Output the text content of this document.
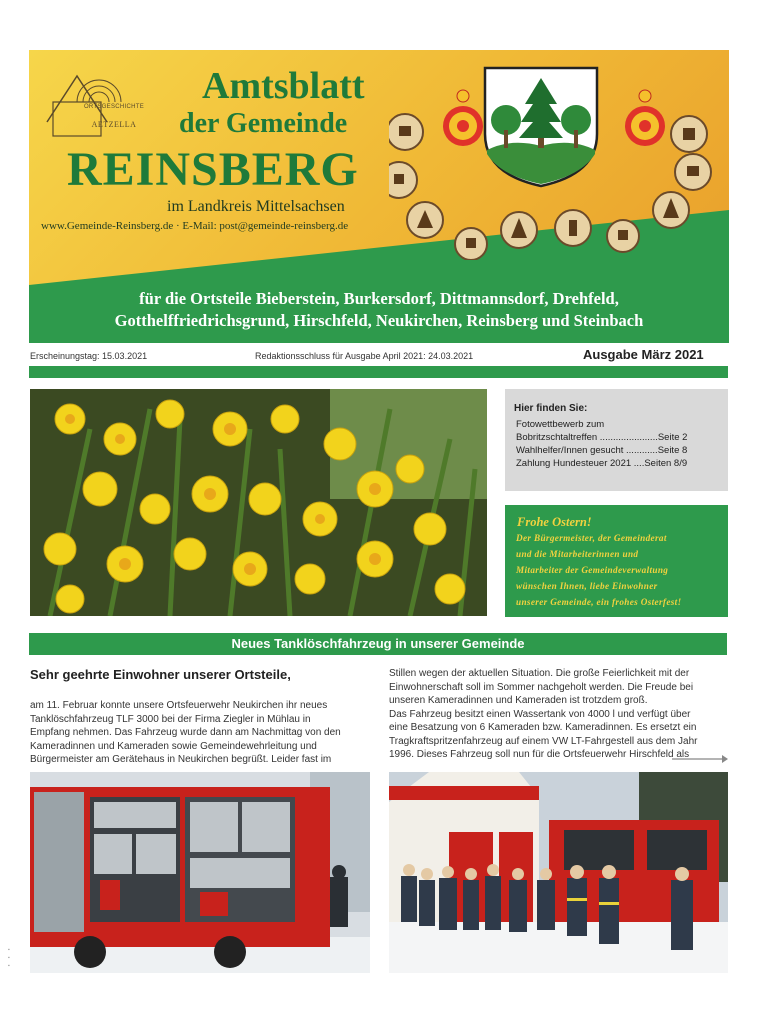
ORTSGESCHICHTE
AETZELLA
Amtsblatt
der Gemeinde
REINSBERG
im Landkreis Mittelsachsen
www.Gemeinde-Reinsberg.de · E-Mail: post@gemeinde-reinsberg.de
für die Ortsteile Bieberstein, Burkersdorf, Dittmannsdorf, Drehfeld,
Gotthelffriedrichsgrund, Hirschfeld, Neukirchen, Reinsberg und Steinbach
Erscheinungstag: 15.03.2021	Redaktionsschluss für Ausgabe April 2021: 24.03.2021	Ausgabe März 2021
Hier finden Sie:
Fotowettbewerb zum
Bobritzschtaltreffen ......................Seite 2
Wahlhelfer/Innen gesucht ............Seite 8
Zahlung Hundesteuer 2021 ....Seiten 8/9
Frohe Ostern!
Der Bürgermeister, der Gemeinderat
und die Mitarbeiterinnen und
Mitarbeiter der Gemeindeverwaltung
wünschen Ihnen, liebe Einwohner
unserer Gemeinde, ein frohes Osterfest!
Neues Tanklöschfahrzeug in unserer Gemeinde
Sehr geehrte Einwohner unserer Ortsteile,
am 11. Februar konnte unsere Ortsfeuerwehr Neukirchen ihr neues
Tanklöschfahrzeug TLF 3000 bei der Firma Ziegler in Mühlau in
Empfang nehmen. Das Fahrzeug wurde dann am Nachmittag von den
Kameradinnen und Kameraden sowie Gemeindewehrleitung und
Bürgermeister am Gerätehaus in Neukirchen begrüßt. Leider fast im
Stillen wegen der aktuellen Situation. Die große Feierlichkeit mit der
Einwohnerschaft soll im Sommer nachgeholt werden. Die Freude bei
unseren Kameradinnen und Kameraden ist trotzdem groß.
Das Fahrzeug besitzt einen Wassertank von 4000 l und verfügt über
eine Besatzung von 6 Kameraden bzw. Kameradinnen. Es ersetzt ein
Tragkraftspritzenfahrzeug auf einem VW LT-Fahrgestell aus dem Jahr
1996. Dieses Fahrzeug soll nun für die Ortsfeuerwehr Hirschfeld als
▪
▪
▪
